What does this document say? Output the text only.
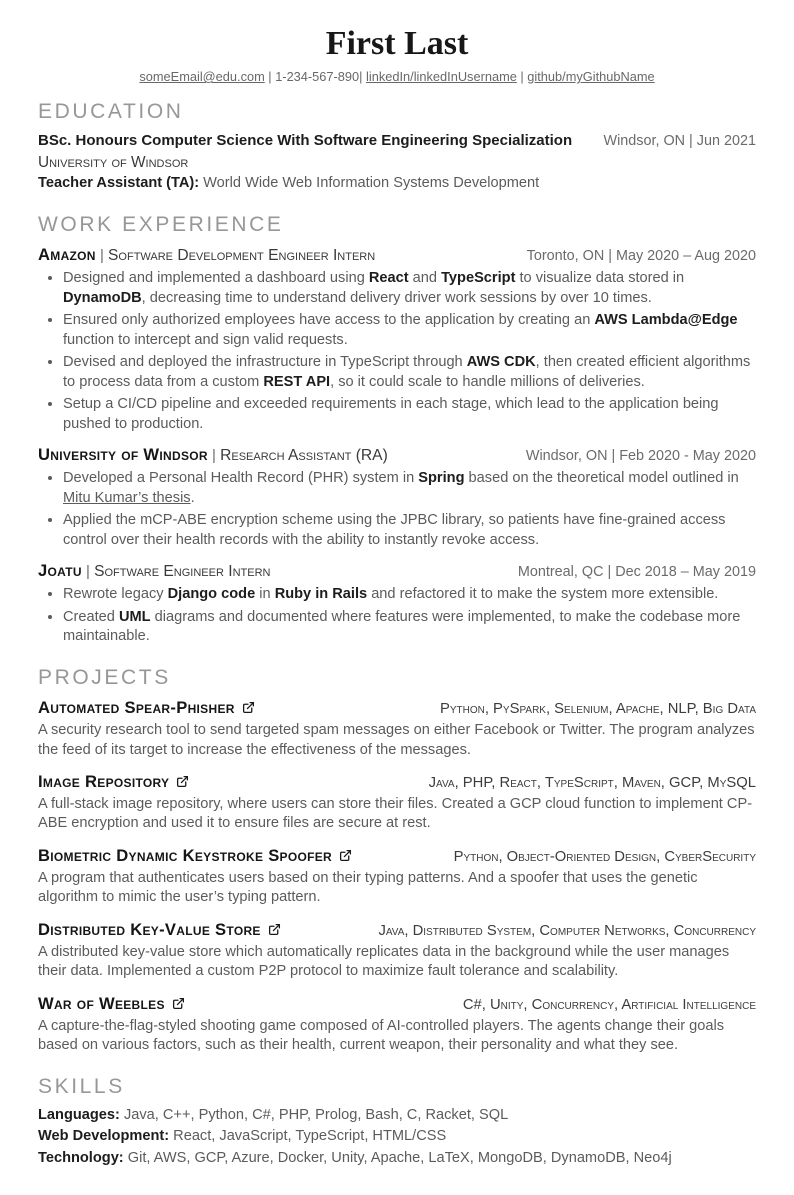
First Last
someEmail@edu.com | 1-234-567-890| linkedIn/linkedInUsername | github/myGithubName
EDUCATION
BSc. Honours Computer Science With Software Engineering Specialization Windsor, ON | Jun 2021
University of Windsor
Teacher Assistant (TA): World Wide Web Information Systems Development
WORK EXPERIENCE
Amazon | Software Development Engineer Intern	Toronto, ON | May 2020 – Aug 2020
• Designed and implemented a dashboard using React and TypeScript to visualize data stored in DynamoDB, decreasing time to understand delivery driver work sessions by over 10 times.
• Ensured only authorized employees have access to the application by creating an AWS Lambda@Edge function to intercept and sign valid requests.
• Devised and deployed the infrastructure in TypeScript through AWS CDK, then created efficient algorithms to process data from a custom REST API, so it could scale to handle millions of deliveries.
• Setup a CI/CD pipeline and exceeded requirements in each stage, which lead to the application being pushed to production.
University of Windsor | Research Assistant (RA)	Windsor, ON | Feb 2020 - May 2020
• Developed a Personal Health Record (PHR) system in Spring based on the theoretical model outlined in Mitu Kumar’s thesis.
• Applied the mCP-ABE encryption scheme using the JPBC library, so patients have fine-grained access control over their health records with the ability to instantly revoke access.
Joatu | Software Engineer Intern	Montreal, QC | Dec 2018 – May 2019
• Rewrote legacy Django code in Ruby in Rails and refactored it to make the system more extensible.
• Created UML diagrams and documented where features were implemented, to make the codebase more maintainable.
PROJECTS
Automated Spear-Phisher	Python, PySpark, Selenium, Apache, NLP, Big Data

A security research tool to send targeted spam messages on either Facebook or Twitter. The program analyzes the feed of its target to increase the effectiveness of the messages.

Image Repository	Java, PHP, React, TypeScript, Maven, GCP, MySQL

A full-stack image repository, where users can store their files. Created a GCP cloud function to implement CP-ABE encryption and used it to ensure files are secure at rest.

Biometric Dynamic Keystroke Spoofer	Python, Object-Oriented Design, CyberSecurity

A program that authenticates users based on their typing patterns. And a spoofer that uses the genetic algorithm to mimic the user’s typing pattern.

Distributed Key-Value Store	Java, Distributed System, Computer Networks, Concurrency

A distributed key-value store which automatically replicates data in the background while the user manages their data. Implemented a custom P2P protocol to maximize fault tolerance and scalability.

War of Weebles	C#, Unity, Concurrency, Artificial Intelligence

A capture-the-flag-styled shooting game composed of AI-controlled players. The agents change their goals based on various factors, such as their health, current weapon, their personality and what they see.

SKILLS
Languages: Java, C++, Python, C#, PHP, Prolog, Bash, C, Racket, SQL
Web Development: React, JavaScript, TypeScript, HTML/CSS
Technology: Git, AWS, GCP, Azure, Docker, Unity, Apache, LaTeX, MongoDB, DynamoDB, Neo4j
